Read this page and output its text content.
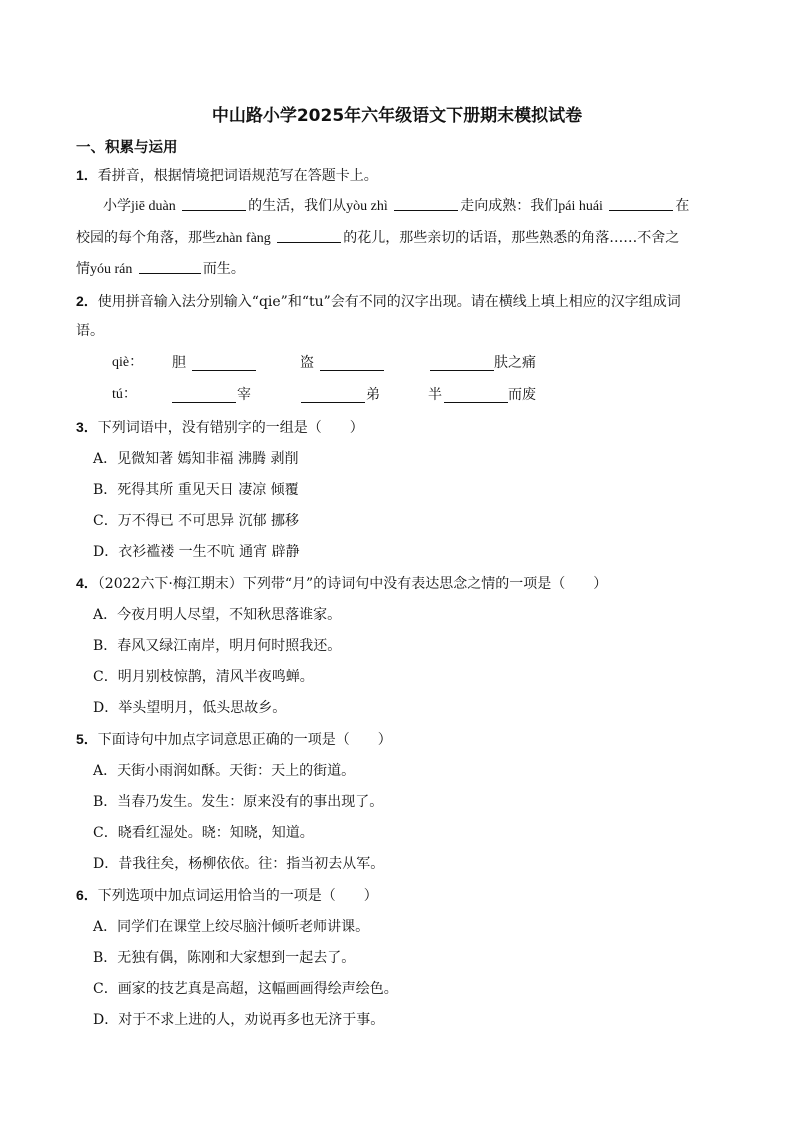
中山路小学2025年六年级语文下册期末模拟试卷
一、积累与运用
1．看拼音，根据情境把词语规范写在答题卡上。
小学jiē duàn	的生活，我们从yòu zhì	走向成熟：我们pái huái	在
校园的每个角落，那些zhàn fàng	的花儿，那些亲切的话语，那些熟悉的角落……不舍之
情yóu rán	而生。
2．使用拼音输入法分别输入“qie”和“tu”会有不同的汉字出现。请在横线上填上相应的汉字组成词
语。
qiè： 胆	盗	肤之痛
tú：	宰	弟	半	而废
3．下列词语中，没有错别字的一组是（　　）
A．见微知著 嫣知非福 沸腾 剥削
B．死得其所 重见天日 凄凉 倾覆
C．万不得已 不可思异 沉郁 挪移
D．衣衫褴褛 一生不吭 通宵 辟静
4．（2022六下·梅江期末）下列带“月”的诗词句中没有表达思念之情的一项是（　　）
A．今夜月明人尽望，不知秋思落谁家。
B．春风又绿江南岸，明月何时照我还。
C．明月别枝惊鹊，清风半夜鸣蝉。
D．举头望明月，低头思故乡。
5．下面诗句中加点字词意思正确的一项是（　　）
A．天街小雨润如酥。天街：天上的街道。
B．当春乃发生。发生：原来没有的事出现了。
C．晓看红湿处。晓：知晓，知道。
D．昔我往矣，杨柳依依。往：指当初去从军。
6．下列选项中加点词运用恰当的一项是（　　）
A．同学们在课堂上绞尽脑汁倾听老师讲课。
B．无独有偶，陈刚和大家想到一起去了。
C．画家的技艺真是高超，这幅画画得绘声绘色。
D．对于不求上进的人，劝说再多也无济于事。
